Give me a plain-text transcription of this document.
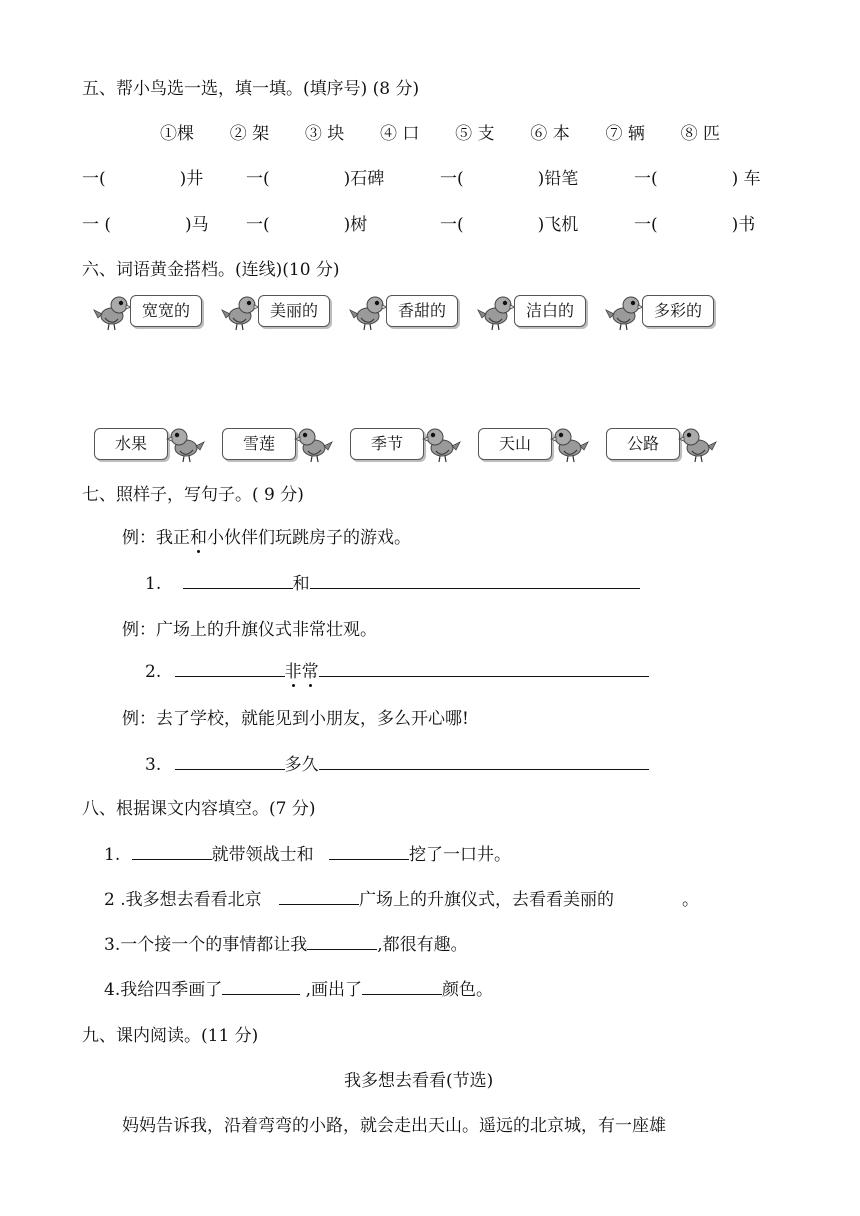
五、帮小鸟选一选，填一填。(填序号) (8 分)
①棵 ② 架 ③ 块 ④ 口 ⑤ 支 ⑥ 本 ⑦ 辆 ⑧ 匹
一(	)井	一(	)石碑	一(	)铅笔	一(	) 车
一 (	)马 一(	)树	一(	)飞机	一(	)书
六、词语黄金搭档。(连线)(10 分)
宽宽的	美丽的	香甜的	洁白的	多彩的
水果	雪莲	季节	天山	公路
七、照样子，写句子。( 9 分)
例：我正和小伙伴们玩跳房子的游戏。
1.	和
例：广场上的升旗仪式非常壮观。
2.	非常
例：去了学校，就能见到小朋友，多么开心哪!
3.	多久
八、根据课文内容填空。(7 分)
1.	就带领战士和	挖了一口井。
2 .我多想去看看北京	广场上的升旗仪式，去看看美丽的	。
3.一个接一个的事情都让我	,都很有趣。
4.我给四季画了	,画出了	颜色。
九、课内阅读。(11 分)
我多想去看看(节选)
妈妈告诉我，沿着弯弯的小路，就会走出天山。遥远的北京城，有一座雄
